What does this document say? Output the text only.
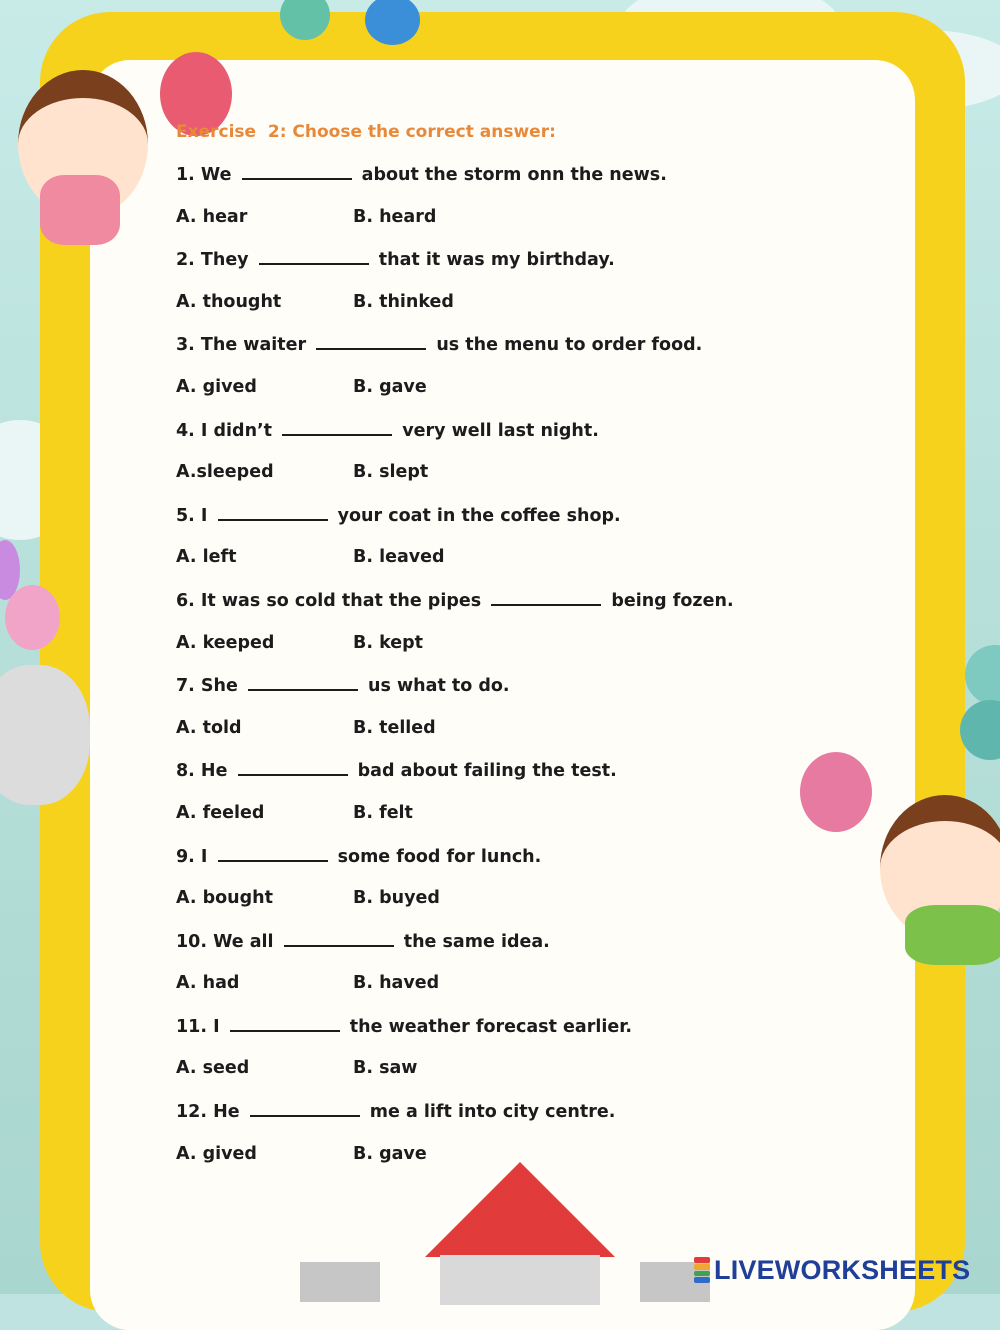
Exercise  2: Choose the correct answer:
1. We	about the storm onn the news.
A. hear	B. heard
2. They	that it was my birthday.
A. thought	B. thinked
3. The waiter	us the menu to order food.
A. gived	B. gave
4. I didn’t	very well last night.
A.sleeped	B. slept
5. I	your coat in the coffee shop.
A. left	B. leaved
6. It was so cold that the pipes	being fozen.
A. keeped	B. kept
7. She	us what to do.
A. told	B. telled
8. He	bad about failing the test.
A. feeled	B. felt
9. I	some food for lunch.
A. bought	B. buyed
10. We all	the same idea.
A. had	B. haved
11. I	the weather forecast earlier.
A. seed	B. saw
12. He	me a lift into city centre.
A. gived	B. gave
LIVEWORKSHEETS
